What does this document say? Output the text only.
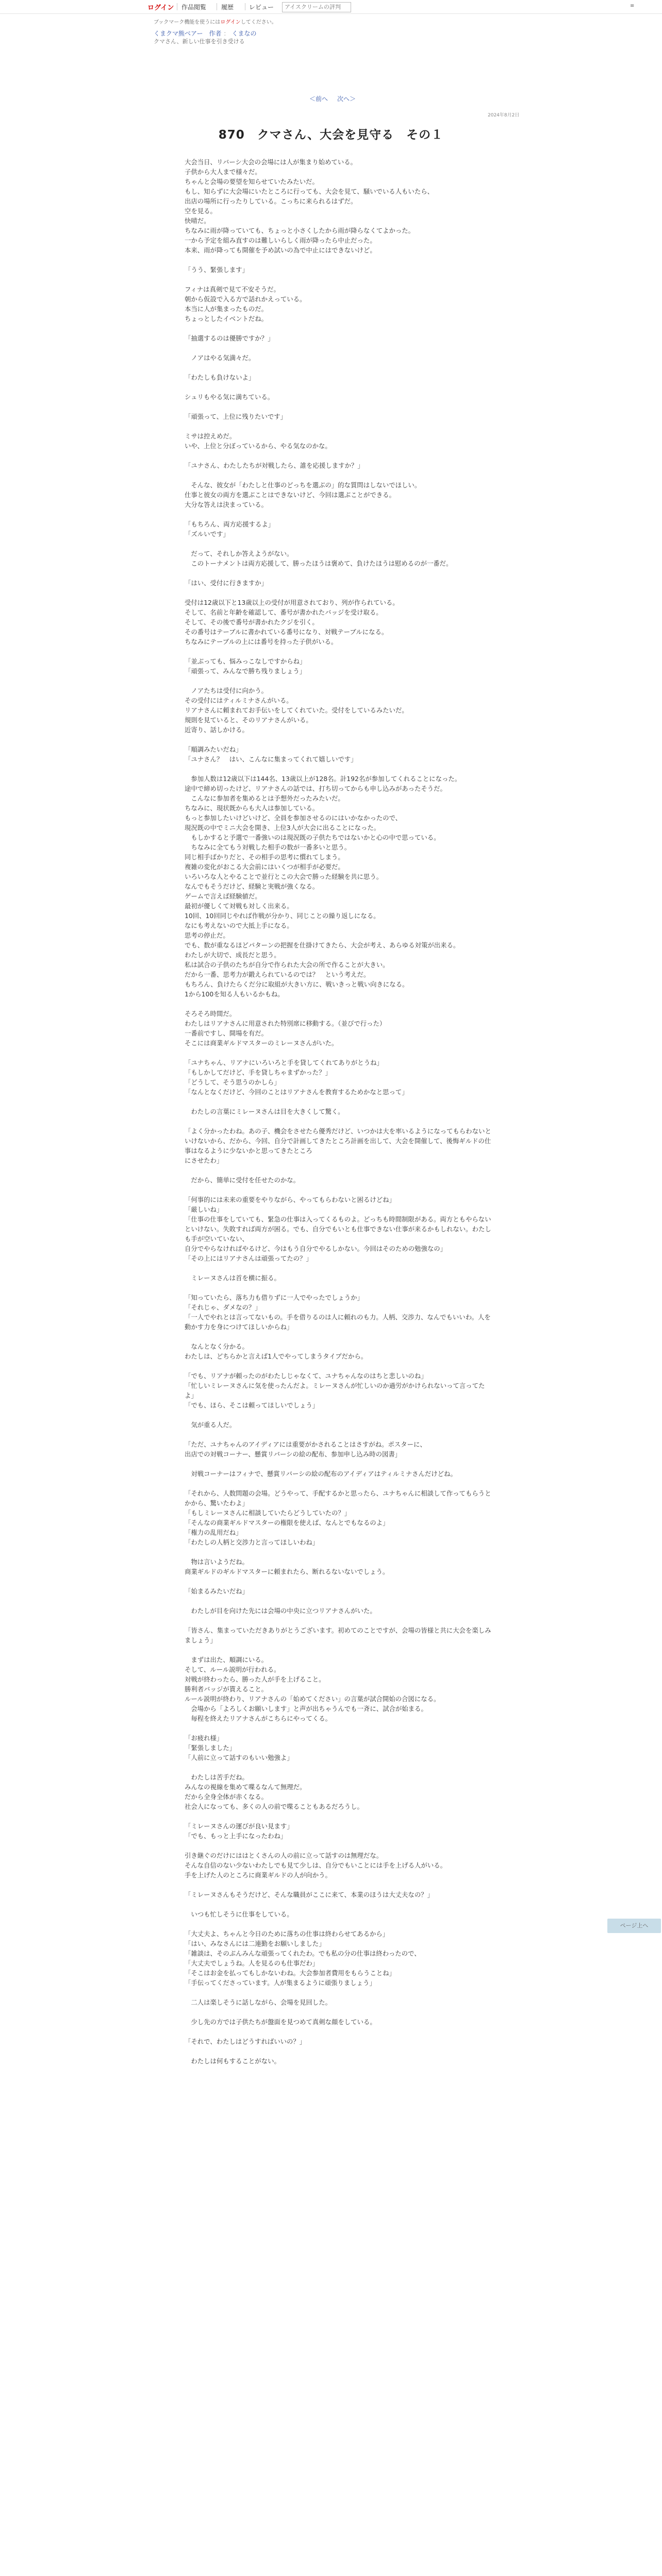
ログイン 作品閲覧 履歴 レビュー
アイスクリームの評判	≡
ブックマーク機能を使うにはログインしてください。
くまクマ熊ベアー 作者 ： くまなの
クマさん、新しい仕事を引き受ける
＜前へ 次へ＞
2024年8月2日
870　クマさん、大会を見守る　その１

大会当日、リバーシ大会の会場には人が集まり始めている。

子供から大人まで様々だ。

ちゃんと会場の要望を知らせていたみたいだ。

もし、知らずに大会場にいたところに行っても、大会を見て、騒いでいる人もいたら、

出店の場所に行ったりしている。こっちに来られるはずだ。

空を見る。

快晴だ。

ちなみに雨が降っていても、ちょっと小さくしたから雨が降らなくてよかった。

一から予定を組み直すのは難しいらしく雨が降ったら中止だった。

本来、雨が降っても開催を予め試いの為で中止にはできないけど。

「うう、緊張します」

フィナは真剣で見て不安そうだ。

朝から仮設で入る方で話れかえっている。

本当に人が集まったものだ。

ちょっとしたイベントだね。

「抽選するのは優勝ですか？」

　ノアはやる気満々だ。

「わたしも負けないよ」

シュリもやる気に満ちている。

「頑張って、上位に残りたいです」

ミサは控えめだ。

いや、上位と分ぼっているから、やる気なのかな。

「ユナさん、わたしたちが対戦したら、誰を応援しますか？」

　そんな、彼女が「わたしと仕事のどっちを選ぶの」的な質問はしないでほしい。

仕事と彼女の両方を選ぶことはできないけど、今回は選ぶことができる。

大分な答えは決まっている。

「もちろん、両方応援するよ」

「ズルいです」

　だって、それしか答えようがない。

　このトーナメントは両方応援して、勝ったほうは褒めて、負けたほうは慰めるのが一番だ。

「はい、受付に行きますか」

受付は12歳以下と13歳以上の受付が用意されており、列が作られている。

そして、名前と年齢を確認して、番号が書かれたバッジを受け取る。

そして、その後で番号が書かれたクジを引く。

その番号はテーブルに書かれている番号になり、対戦テーブルになる。

ちなみにテーブルの上には番号を持った子供がいる。

「並ぶっても、悩みっこなしですからね」

「頑張って、みんなで勝ち残りましょう」

　ノアたちは受付に向かう。

その受付にはティルミナさんがいる。

リアナさんに頼まれてお手伝いをしてくれていた。受付をしているみたいだ。

規則を見ていると、そのリアナさんがいる。

近寄り、話しかける。

「順調みたいだね」

「ユナさん？　はい、こんなに集まってくれて嬉しいです」

　参加人数は12歳以下は144名、13歳以上が128名。計192名が参加してくれることになった。

途中で締め切ったけど、リアナさんの話では、打ち切ってからも申し込みがあったそうだ。

　こんなに参加者を集めるとは予想外だったみたいだ。

ちなみに、現状既からも大人は参加している。

もっと参加したいけどいけど、全員を参加させるのにはいかなかったので、

現況既の中でミニ大会を開き、上位3人が大会に出ることになった。

　もしかすると予選で一番強いのは現況既の子供たちではないかと心の中で思っている。

　ちなみに全てもう対戦した相手の数が一番多いと思う。

同じ相手ばかりだと、その相手の思考に慣れてしまう。

複雑の変化がおこる大会前にはいくつが相手が必要だ。

いろいろな人とやることで並行とこの大会で勝った経験を共に思う。

なんでもそうだけど、経験と実戦が強くなる。

ゲームで言えば経験値だ。

最初が優しくて対戦も対しく出来る。

10回、10回同じやれば作戦が分かり、同じことの繰り返しになる。

なにも考えないので大抵上手になる。

思考の停止だ。

でも、数が重なるほどパターンの把握を仕掛けてきたら、大会が考え、あらゆる対策が出来る。

わたしが大切で、成長だと思う。

私は試合の子供のたちが自分で作られた大会の所で作ることが大きい。

だから一番、思考力が鍛えられているのでは？　という考えだ。

もちろん、負けたらくだ分に取組が大きい方に、戦いきっと戦い向きになる。

1から100を知る人もいるかもね。

そろそろ時間だ。

わたしはリアナさんに用意された特別席に移動する。（並びで行った）

一番前ですし、開場を有だ。

そこには商業ギルドマスターのミレーヌさんがいた。

「ユナちゃん、リアナにいろいろと手を貸してくれてありがとうね」

「もしかしてだけど、手を貸しちゃまずかった？」

「どうして、そう思うのかしら」

「なんとなくだけど、今回のことはリアナさんを教育するためかなと思って」

　わたしの言葉にミレーヌさんは目を大きくして驚く。

「よく分かったわね。あの子、機会をさせたら優秀だけど、いつかは大を率いるようになってもらわないといけないから、だから、今回、自分で計画してきたところ計画を出して、大会を開催して、後悔ギルドの仕事はなるように少ないかと思ってきたところ

にさせたわ」

　だから、簡単に受付を任せたのかな。

「何事的には未来の重要をやりながら、やってもらわないと困るけどね」

「厳しいね」

「仕事の仕事をしていても、緊急の仕事は入ってくるものよ。どっちも時間制限がある。両方ともやらないといけない。失敗すれば両方が困る。でも、自分でもいとも仕事できない仕事が来るかもしれない。わたしも手が空いていない、

自分でやらなければやるけど、今はもう自分でやるしかない。今回はそのための勉強なの」

「その上にはリアナさんは頑張ってたの？」

　ミレーヌさんは首を横に振る。

「知っていたら、落ち力も借りずに一人でやったでしょうか」

「それじゃ、ダメなの？」

「一人でやれとは言ってないもの。手を借りるのは人に頼れのも力。人柄、交渉力、なんでもいいわ。人を動かす力を身につけてほしいからね」

　なんとなく分かる。

わたしは、どちらかと言えば1人でやってしまうタイプだから。

「でも、リアナが頼ったのがわたしじゃなくて、ユナちゃんなのはちと悲しいのね」

「忙しいミレーヌさんに気を使ったんだよ。ミレーヌさんが忙しいのか過労がかけられないって言ってたよ」

「でも、ほら、そこは頼ってほしいでしょう」

　気が重る人だ。

「ただ、ユナちゃんのアイディアには重要がかされることはさすがね。ポスターに、

出店での対戦コーナー、懸賞リバーシの絵の配布、参加申し込み時の図書」

　対戦コーナーはフィナで、懸賞リバーシの絵の配布のアイディアはティルミナさんだけどね。

「それから、人数問題の会場。どうやって、手配するかと思ったら、ユナちゃんに相談して作ってもらうとかから、驚いたわよ」

「もしミレーヌさんに相談していたらどうしていたの？」

「そんなの商業ギルドマスターの権限を使えば、なんとでもなるのよ」

「権力の乱用だね」

「わたしの人柄と交渉力と言ってほしいわね」

　物は言いようだね。

商業ギルドのギルドマスターに頼まれたら、断れるないないでしょう。

「始まるみたいだね」

　わたしが目を向けた先には会場の中央に立つリアナさんがいた。

「皆さん、集まっていただきありがとうございます。初めてのことですが、会場の皆様と共に大会を楽しみましょう」

　まずは出た、順調にいる。

そして、ルール説明が行われる。

対戦が終わったら、勝った人が手を上げること。

勝利者バッジが貰えること。

ルール説明が終わり、リアナさんの「始めてください」の言葉が試合開始の合図になる。

　会場から「よろしくお願いします」と声が出ちゃうんでも一斉に、試合が始まる。

　毎程を終えたリアナさんがこちらにやってくる。

「お疲れ様」

「緊張しました」

「人前に立って話すのもいい勉強よ」

　わたしは苦手だね。

みんなの視線を集めて喋るなんて無理だ。

だから全身全体が赤くなる。

社会人になっても、多くの人の前で喋ることもあるだろうし。

「ミレーヌさんの運びが良い見ます」

「でも、もっと上手になったわね」

引き継ぐのだけにははとくさんの人の前に立って話すのは無理だな。

そんな自信のない少ないわたしでも見て少しは、自分でもいことには手を上げる人がいる。

手を上げた人のところに商業ギルドの人が向かう。

「ミレーヌさんもそうだけど、そんな職員がここに来て、本業のほうは大丈夫なの？」

　いつも忙しそうに仕事をしている。

「大丈夫よ、ちゃんと今日のために落ちの仕事は終わらせてあるから」

「はい、みなさんには二連勤をお願いしました」

「雑談は、そのぶんみんな頑張ってくれたわ。でも私の分の仕事は終わったので、

「大丈夫でしょうね。人を見るのも仕事だわ」

「そこはお金を払ってもしかないわね。大会参加者費用をもらうことね」

「手伝ってくださっています。人が集まるように頑張りましょう」

　二人は楽しそうに話しながら、会場を見回した。

　少し先の方では子供たちが盤面を見つめて真剣な顔をしている。

「それで、わたしはどうすればいいの？」

　わたしは何もすることがない。

ページ上へ
